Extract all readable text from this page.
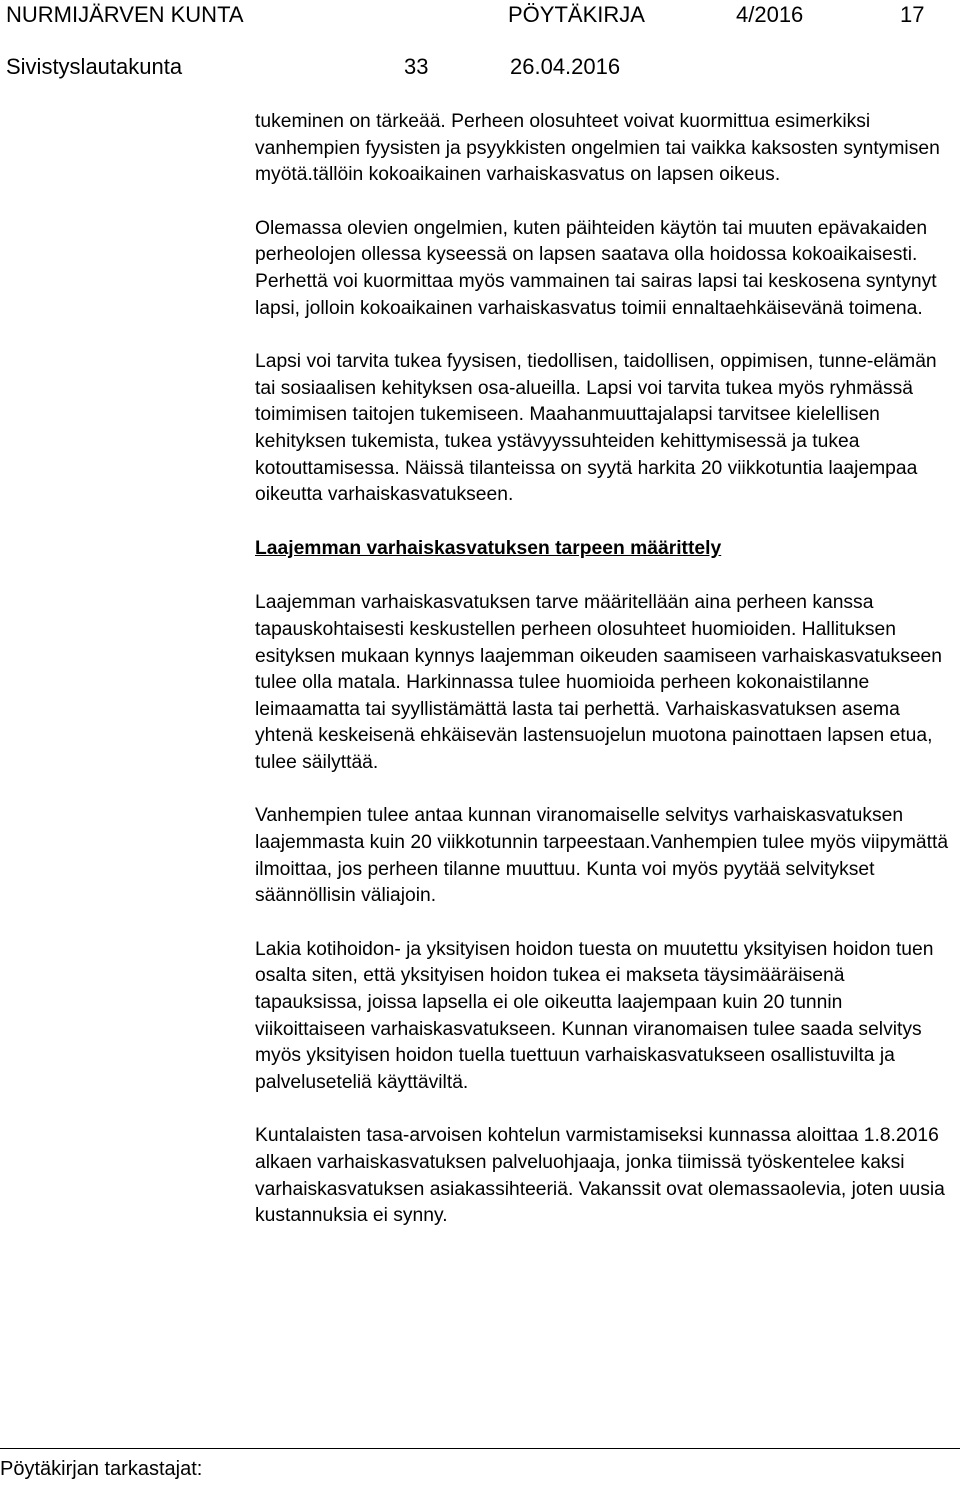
NURMIJÄRVEN KUNTA	PÖYTÄKIRJA	4/2016	17
Sivistyslautakunta	33	26.04.2016

tukeminen on tärkeää. Perheen olosuhteet voivat kuormittua esimerkiksi vanhempien fyysisten ja psyykkisten ongelmien tai vaikka kaksosten syntymisen myötä.tällöin kokoaikainen varhaiskasvatus on lapsen oikeus.

Olemassa olevien ongelmien, kuten päihteiden käytön tai muuten epävakaiden perheolojen ollessa kyseessä on lapsen saatava olla hoidossa kokoaikaisesti. Perhettä voi kuormittaa myös vammainen tai sairas lapsi tai keskosena syntynyt lapsi, jolloin kokoaikainen varhaiskasvatus toimii ennaltaehkäisevänä toimena.

Lapsi voi tarvita tukea fyysisen, tiedollisen, taidollisen, oppimisen, tunne-elämän tai sosiaalisen kehityksen osa-alueilla. Lapsi voi tarvita tukea myös ryhmässä toimimisen taitojen tukemiseen. Maahanmuuttajalapsi tarvitsee kielellisen kehityksen tukemista, tukea ystävyyssuhteiden kehittymisessä ja tukea kotouttamisessa. Näissä tilanteissa on syytä harkita 20 viikkotuntia laajempaa oikeutta varhaiskasvatukseen.

Laajemman varhaiskasvatuksen tarpeen määrittely

Laajemman varhaiskasvatuksen tarve määritellään aina perheen kanssa tapauskohtaisesti keskustellen perheen olosuhteet huomioiden. Hallituksen esityksen mukaan kynnys laajemman oikeuden saamiseen varhaiskasvatukseen tulee olla matala. Harkinnassa tulee huomioida perheen kokonaistilanne leimaamatta tai syyllistämättä lasta tai perhettä. Varhaiskasvatuksen asema yhtenä keskeisenä ehkäisevän lastensuojelun muotona painottaen lapsen etua, tulee säilyttää.

Vanhempien tulee antaa kunnan viranomaiselle selvitys varhaiskasvatuksen laajemmasta kuin 20 viikkotunnin tarpeestaan.Vanhempien tulee myös viipymättä ilmoittaa, jos perheen tilanne muuttuu. Kunta voi myös pyytää selvitykset säännöllisin väliajoin.

Lakia kotihoidon- ja yksityisen hoidon tuesta on muutettu yksityisen hoidon tuen osalta siten, että yksityisen hoidon tukea ei makseta täysimääräisenä tapauksissa, joissa lapsella ei ole oikeutta laajempaan kuin 20 tunnin viikoittaiseen varhaiskasvatukseen. Kunnan viranomaisen tulee saada selvitys myös yksityisen hoidon tuella tuettuun varhaiskasvatukseen osallistuvilta ja palveluseteliä käyttäviltä.

Kuntalaisten tasa-arvoisen kohtelun varmistamiseksi kunnassa aloittaa 1.8.2016 alkaen varhaiskasvatuksen palveluohjaaja, jonka tiimissä työskentelee kaksi varhaiskasvatuksen asiakassihteeriä. Vakanssit ovat olemassaolevia, joten uusia kustannuksia ei synny.

Pöytäkirjan tarkastajat:
